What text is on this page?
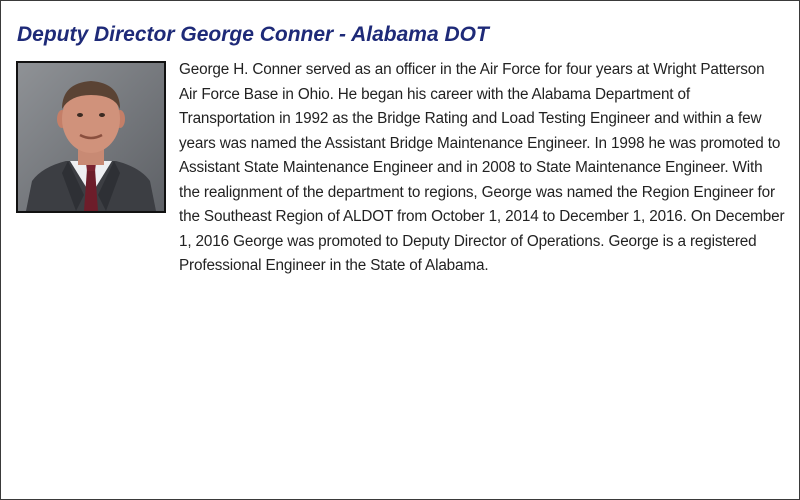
Deputy Director George Conner - Alabama DOT

George H. Conner served as an officer in the Air Force for four years at Wright Patterson Air Force Base in Ohio. He began his career with the Alabama Department of Transportation in 1992 as the Bridge Rating and Load Testing Engineer and within a few years was named the Assistant Bridge Maintenance Engineer. In 1998 he was promoted to Assistant State Maintenance Engineer and in 2008 to State Maintenance Engineer. With the realignment of the department to regions, George was named the Region Engineer for the Southeast Region of ALDOT from October 1, 2014 to December 1, 2016. On December 1, 2016 George was promoted to Deputy Director of Operations. George is a registered Professional Engineer in the State of Alabama.
